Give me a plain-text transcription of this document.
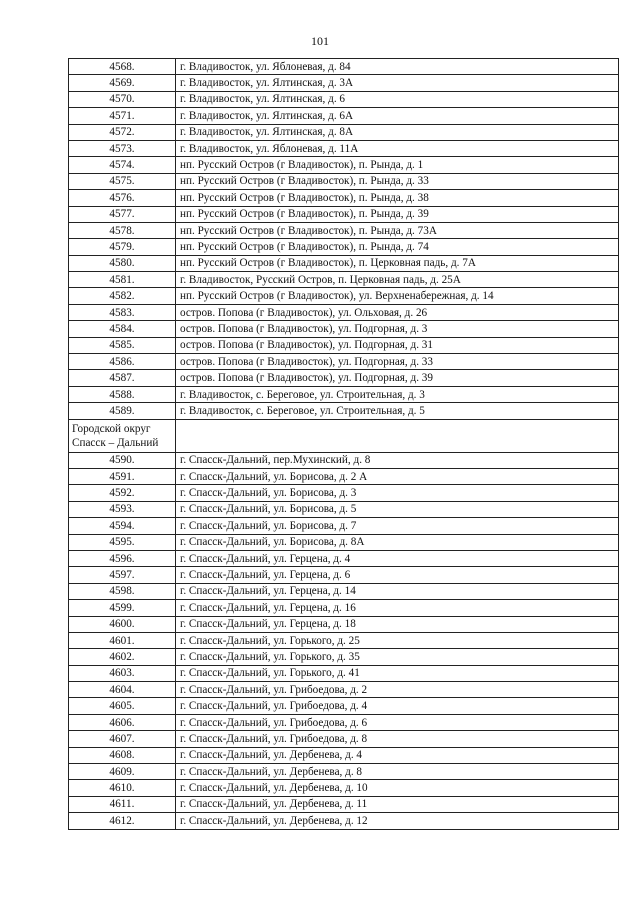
101
4568.	г. Владивосток, ул. Яблоневая, д. 84
4569.	г. Владивосток, ул. Ялтинская, д. 3А
4570.	г. Владивосток, ул. Ялтинская, д. 6
4571.	г. Владивосток, ул. Ялтинская, д. 6А
4572.	г. Владивосток, ул. Ялтинская, д. 8А
4573.	г. Владивосток, ул. Яблоневая, д. 11А
4574.	нп. Русский Остров (г Владивосток), п. Рында, д. 1
4575.	нп. Русский Остров (г Владивосток), п. Рында, д. 33
4576.	нп. Русский Остров (г Владивосток), п. Рында, д. 38
4577.	нп. Русский Остров (г Владивосток), п. Рында, д. 39
4578.	нп. Русский Остров (г Владивосток), п. Рында, д. 73А
4579.	нп. Русский Остров (г Владивосток), п. Рында, д. 74
4580.	нп. Русский Остров (г Владивосток), п. Церковная падь, д. 7А
4581.	г. Владивосток, Русский Остров, п. Церковная падь, д. 25А
4582.	нп. Русский Остров (г Владивосток), ул. Верхненабережная, д. 14
4583.	остров. Попова (г Владивосток), ул. Ольховая, д. 26
4584.	остров. Попова (г Владивосток), ул. Подгорная, д. 3
4585.	остров. Попова (г Владивосток), ул. Подгорная, д. 31
4586.	остров. Попова (г Владивосток), ул. Подгорная, д. 33
4587.	остров. Попова (г Владивосток), ул. Подгорная, д. 39
4588.	г. Владивосток, с. Береговое, ул. Строительная, д. 3
4589.	г. Владивосток, с. Береговое, ул. Строительная, д. 5
Городской округ Спасск – Дальний	
4590.	г. Спасск-Дальний, пер.Мухинский, д. 8
4591.	г. Спасск-Дальний, ул. Борисова, д. 2 А
4592.	г. Спасск-Дальний, ул. Борисова, д. 3
4593.	г. Спасск-Дальний, ул. Борисова, д. 5
4594.	г. Спасск-Дальний, ул. Борисова, д. 7
4595.	г. Спасск-Дальний, ул. Борисова, д. 8А
4596.	г. Спасск-Дальний, ул. Герцена, д. 4
4597.	г. Спасск-Дальний, ул. Герцена, д. 6
4598.	г. Спасск-Дальний, ул. Герцена, д. 14
4599.	г. Спасск-Дальний, ул. Герцена, д. 16
4600.	г. Спасск-Дальний, ул. Герцена, д. 18
4601.	г. Спасск-Дальний, ул. Горького, д. 25
4602.	г. Спасск-Дальний, ул. Горького, д. 35
4603.	г. Спасск-Дальний, ул. Горького, д. 41
4604.	г. Спасск-Дальний, ул. Грибоедова, д. 2
4605.	г. Спасск-Дальний, ул. Грибоедова, д. 4
4606.	г. Спасск-Дальний, ул. Грибоедова, д. 6
4607.	г. Спасск-Дальний, ул. Грибоедова, д. 8
4608.	г. Спасск-Дальний, ул. Дербенева, д. 4
4609.	г. Спасск-Дальний, ул. Дербенева, д. 8
4610.	г. Спасск-Дальний, ул. Дербенева, д. 10
4611.	г. Спасск-Дальний, ул. Дербенева, д. 11
4612.	г. Спасск-Дальний, ул. Дербенева, д. 12
